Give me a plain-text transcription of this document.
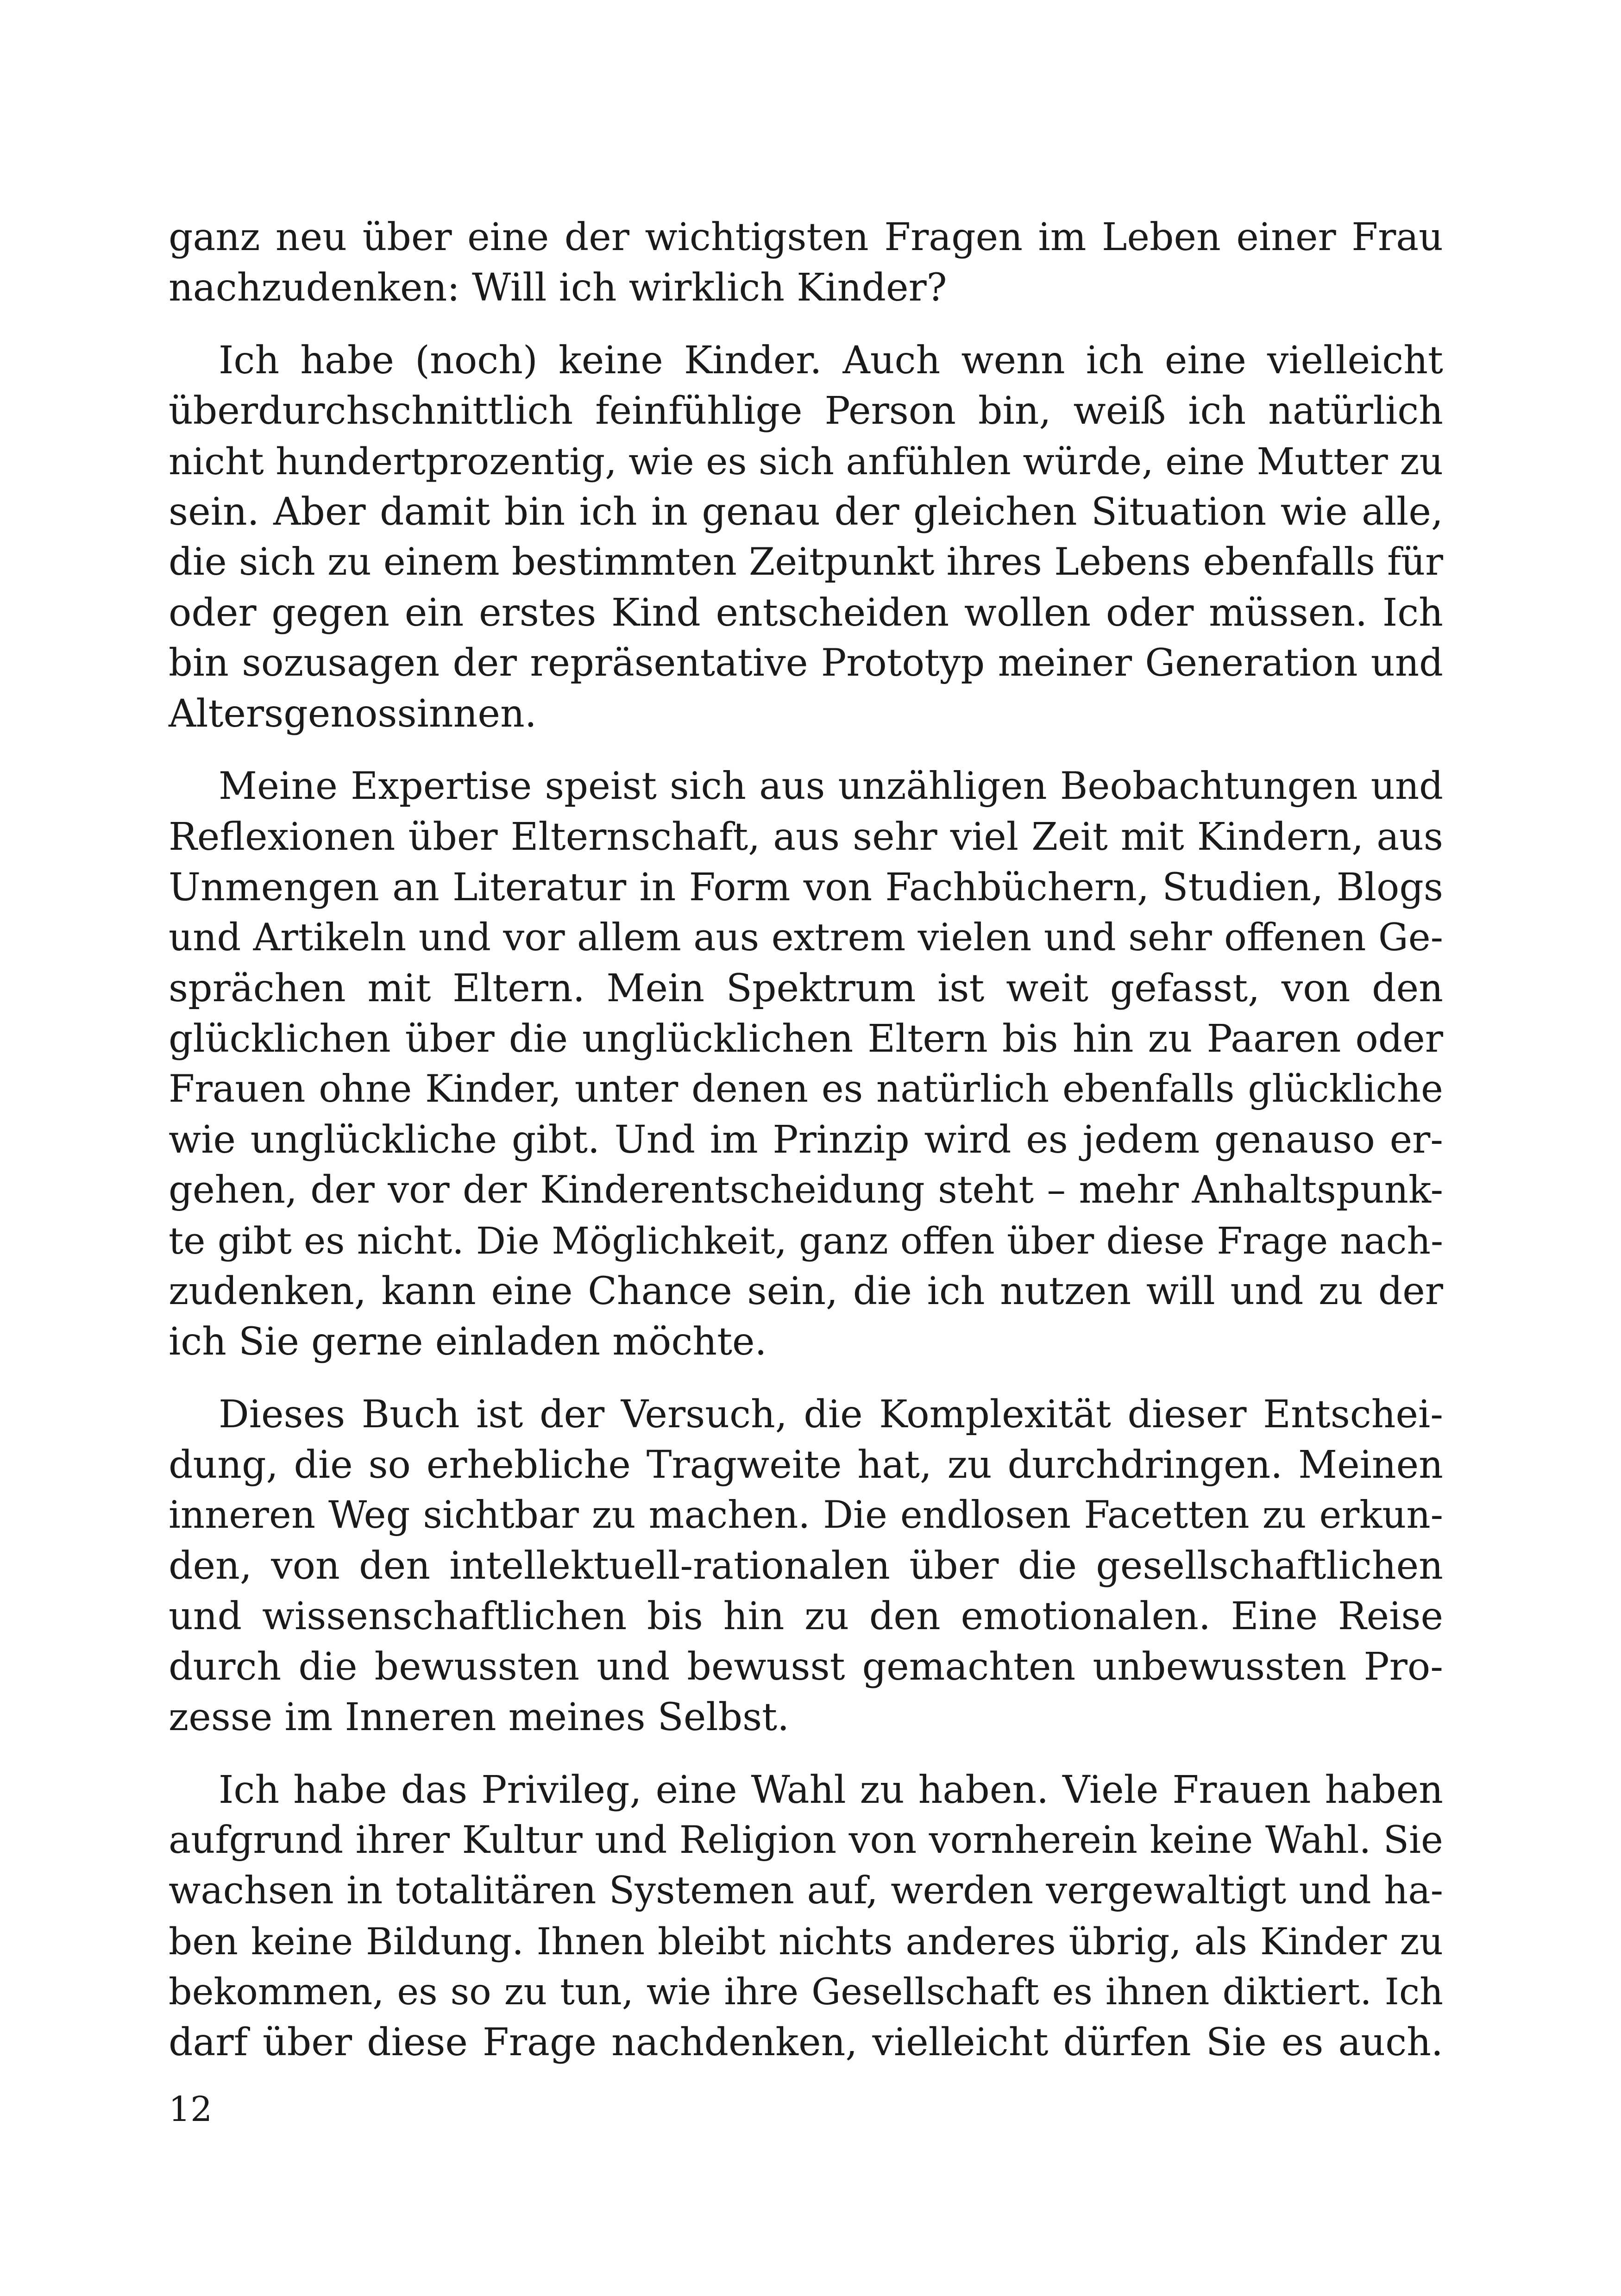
ganz neu über eine der wichtigsten Fragen im Leben einer Frau
nachzudenken: Will ich wirklich Kinder?
Ich habe (noch) keine Kinder. Auch wenn ich eine vielleicht
überdurchschnittlich feinfühlige Person bin, weiß ich natürlich
nicht hundertprozentig, wie es sich anfühlen würde, eine Mutter zu
sein. Aber damit bin ich in genau der gleichen Situation wie alle,
die sich zu einem bestimmten Zeitpunkt ihres Lebens ebenfalls für
oder gegen ein erstes Kind entscheiden wollen oder müssen. Ich
bin sozusagen der repräsentative Prototyp meiner Generation und
Altersgenossinnen.
Meine Expertise speist sich aus unzähligen Beobachtungen und
Reflexionen über Elternschaft, aus sehr viel Zeit mit Kindern, aus
Unmengen an Literatur in Form von Fachbüchern, Studien, Blogs
und Artikeln und vor allem aus extrem vielen und sehr offenen Ge-
sprächen mit Eltern. Mein Spektrum ist weit gefasst, von den
glücklichen über die unglücklichen Eltern bis hin zu Paaren oder
Frauen ohne Kinder, unter denen es natürlich ebenfalls glückliche
wie unglückliche gibt. Und im Prinzip wird es jedem genauso er-
gehen, der vor der Kinderentscheidung steht – mehr Anhaltspunk-
te gibt es nicht. Die Möglichkeit, ganz offen über diese Frage nach-
zudenken, kann eine Chance sein, die ich nutzen will und zu der
ich Sie gerne einladen möchte.
Dieses Buch ist der Versuch, die Komplexität dieser Entschei-
dung, die so erhebliche Tragweite hat, zu durchdringen. Meinen
inneren Weg sichtbar zu machen. Die endlosen Facetten zu erkun-
den, von den intellektuell-rationalen über die gesellschaftlichen
und wissenschaftlichen bis hin zu den emotionalen. Eine Reise
durch die bewussten und bewusst gemachten unbewussten Pro-
zesse im Inneren meines Selbst.
Ich habe das Privileg, eine Wahl zu haben. Viele Frauen haben
aufgrund ihrer Kultur und Religion von vornherein keine Wahl. Sie
wachsen in totalitären Systemen auf, werden vergewaltigt und ha-
ben keine Bildung. Ihnen bleibt nichts anderes übrig, als Kinder zu
bekommen, es so zu tun, wie ihre Gesellschaft es ihnen diktiert. Ich
darf über diese Frage nachdenken, vielleicht dürfen Sie es auch.
12
